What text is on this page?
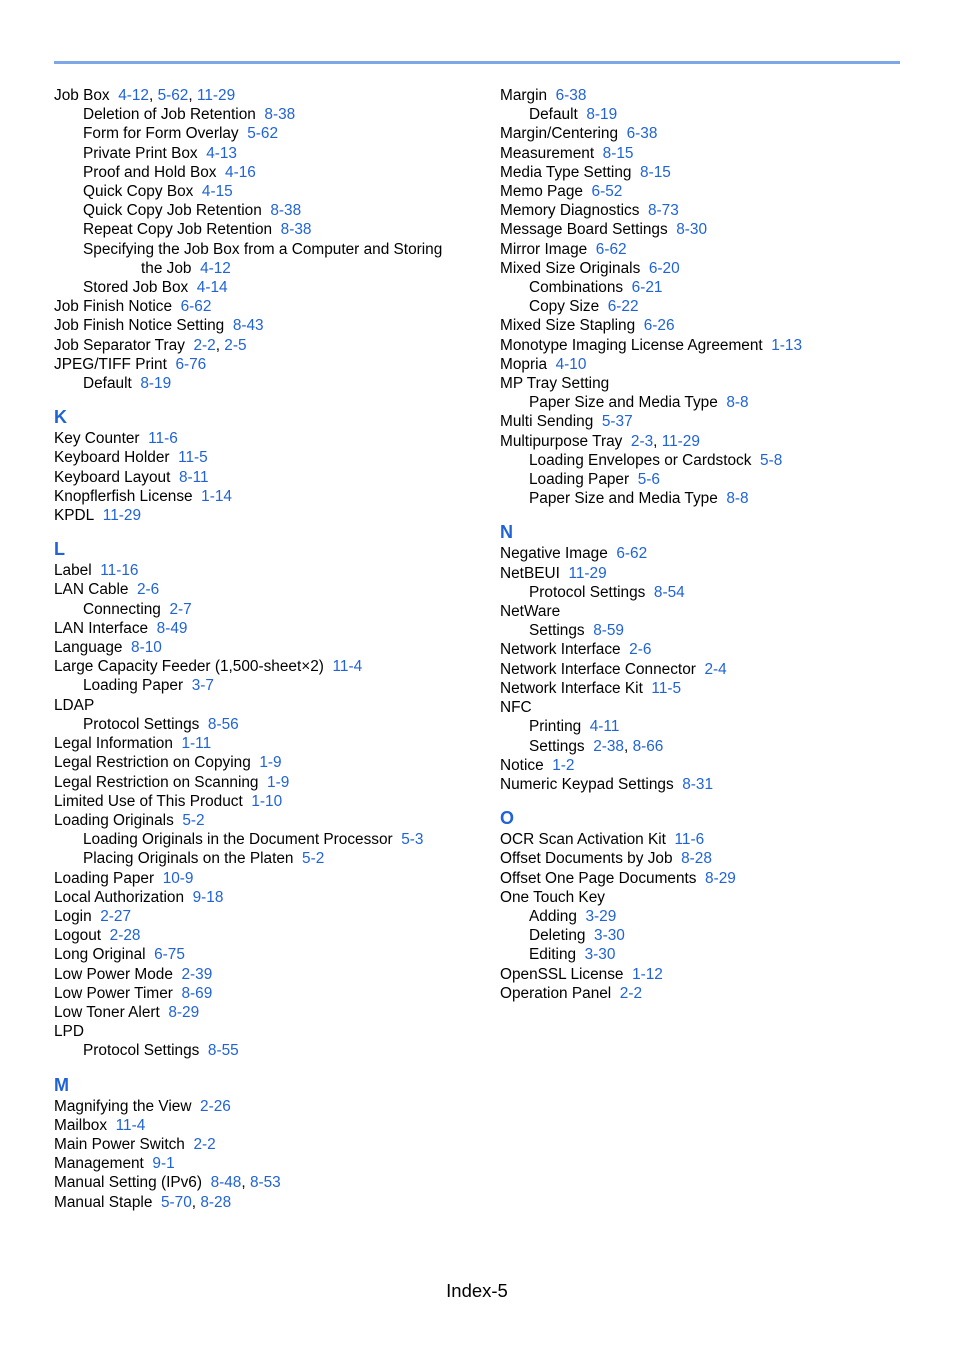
Job Box 4-12, 5-62, 11-29
Deletion of Job Retention 8-38
Form for Form Overlay 5-62
Private Print Box 4-13
Proof and Hold Box 4-16
Quick Copy Box 4-15
Quick Copy Job Retention 8-38
Repeat Copy Job Retention 8-38
Specifying the Job Box from a Computer and Storing
the Job 4-12
Stored Job Box 4-14
Job Finish Notice 6-62
Job Finish Notice Setting 8-43
Job Separator Tray 2-2, 2-5
JPEG/TIFF Print 6-76
Default 8-19
K
Key Counter 11-6
Keyboard Holder 11-5
Keyboard Layout 8-11
Knopflerfish License 1-14
KPDL 11-29
L
Label 11-16
LAN Cable 2-6
Connecting 2-7
LAN Interface 8-49
Language 8-10
Large Capacity Feeder (1,500-sheet×2) 11-4
Loading Paper 3-7
LDAP
Protocol Settings 8-56
Legal Information 1-11
Legal Restriction on Copying 1-9
Legal Restriction on Scanning 1-9
Limited Use of This Product 1-10
Loading Originals 5-2
Loading Originals in the Document Processor 5-3
Placing Originals on the Platen 5-2
Loading Paper 10-9
Local Authorization 9-18
Login 2-27
Logout 2-28
Long Original 6-75
Low Power Mode 2-39
Low Power Timer 8-69
Low Toner Alert 8-29
LPD
Protocol Settings 8-55
M
Magnifying the View 2-26
Mailbox 11-4
Main Power Switch 2-2
Management 9-1
Manual Setting (IPv6) 8-48, 8-53
Manual Staple 5-70, 8-28
Margin 6-38
Default 8-19
Margin/Centering 6-38
Measurement 8-15
Media Type Setting 8-15
Memo Page 6-52
Memory Diagnostics 8-73
Message Board Settings 8-30
Mirror Image 6-62
Mixed Size Originals 6-20
Combinations 6-21
Copy Size 6-22
Mixed Size Stapling 6-26
Monotype Imaging License Agreement 1-13
Mopria 4-10
MP Tray Setting
Paper Size and Media Type 8-8
Multi Sending 5-37
Multipurpose Tray 2-3, 11-29
Loading Envelopes or Cardstock 5-8
Loading Paper 5-6
Paper Size and Media Type 8-8
N
Negative Image 6-62
NetBEUI 11-29
Protocol Settings 8-54
NetWare
Settings 8-59
Network Interface 2-6
Network Interface Connector 2-4
Network Interface Kit 11-5
NFC
Printing 4-11
Settings 2-38, 8-66
Notice 1-2
Numeric Keypad Settings 8-31
O
OCR Scan Activation Kit 11-6
Offset Documents by Job 8-28
Offset One Page Documents 8-29
One Touch Key
Adding 3-29
Deleting 3-30
Editing 3-30
OpenSSL License 1-12
Operation Panel 2-2
Index-5
